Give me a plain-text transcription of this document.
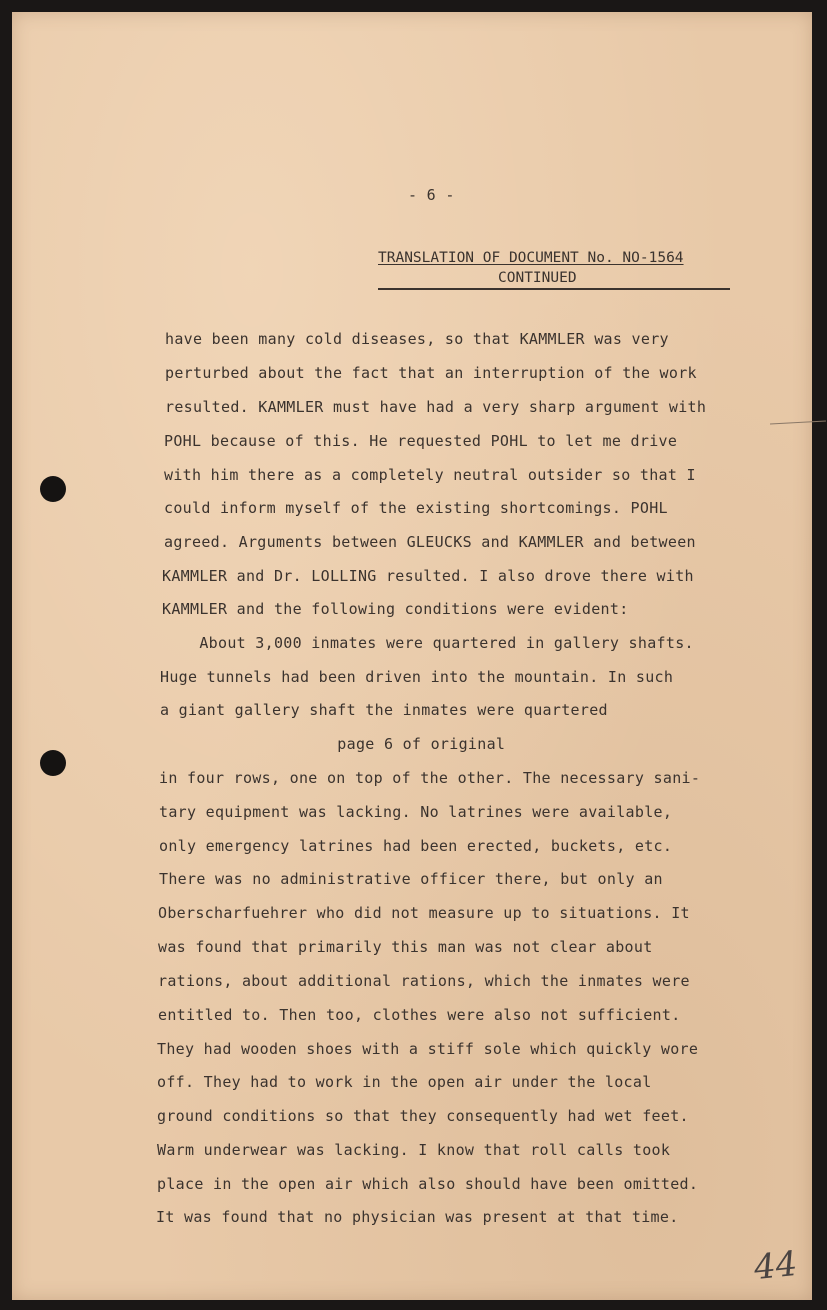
- 6 -
TRANSLATION OF DOCUMENT No. NO-1564
CONTINUED
have been many cold diseases, so that KAMMLER was very
perturbed about the fact that an interruption of the work
resulted. KAMMLER must have had a very sharp argument with
POHL because of this. He requested POHL to let me drive
with him there as a completely neutral outsider so that I
could inform myself of the existing shortcomings. POHL
agreed. Arguments between GLEUCKS and KAMMLER and between
KAMMLER and Dr. LOLLING resulted. I also drove there with
KAMMLER and the following conditions were evident:
About 3,000 inmates were quartered in gallery shafts.
Huge tunnels had been driven into the mountain. In such
a giant gallery shaft the inmates were quartered
page 6 of original
in four rows, one on top of the other. The necessary sani-
tary equipment was lacking. No latrines were available,
only emergency latrines had been erected, buckets, etc.
There was no administrative officer there, but only an
Oberscharfuehrer who did not measure up to situations. It
was found that primarily this man was not clear about
rations, about additional rations, which the inmates were
entitled to. Then too, clothes were also not sufficient.
They had wooden shoes with a stiff sole which quickly wore
off. They had to work in the open air under the local
ground conditions so that they consequently had wet feet.
Warm underwear was lacking. I know that roll calls took
place in the open air which also should have been omitted.
It was found that no physician was present at that time.
44
